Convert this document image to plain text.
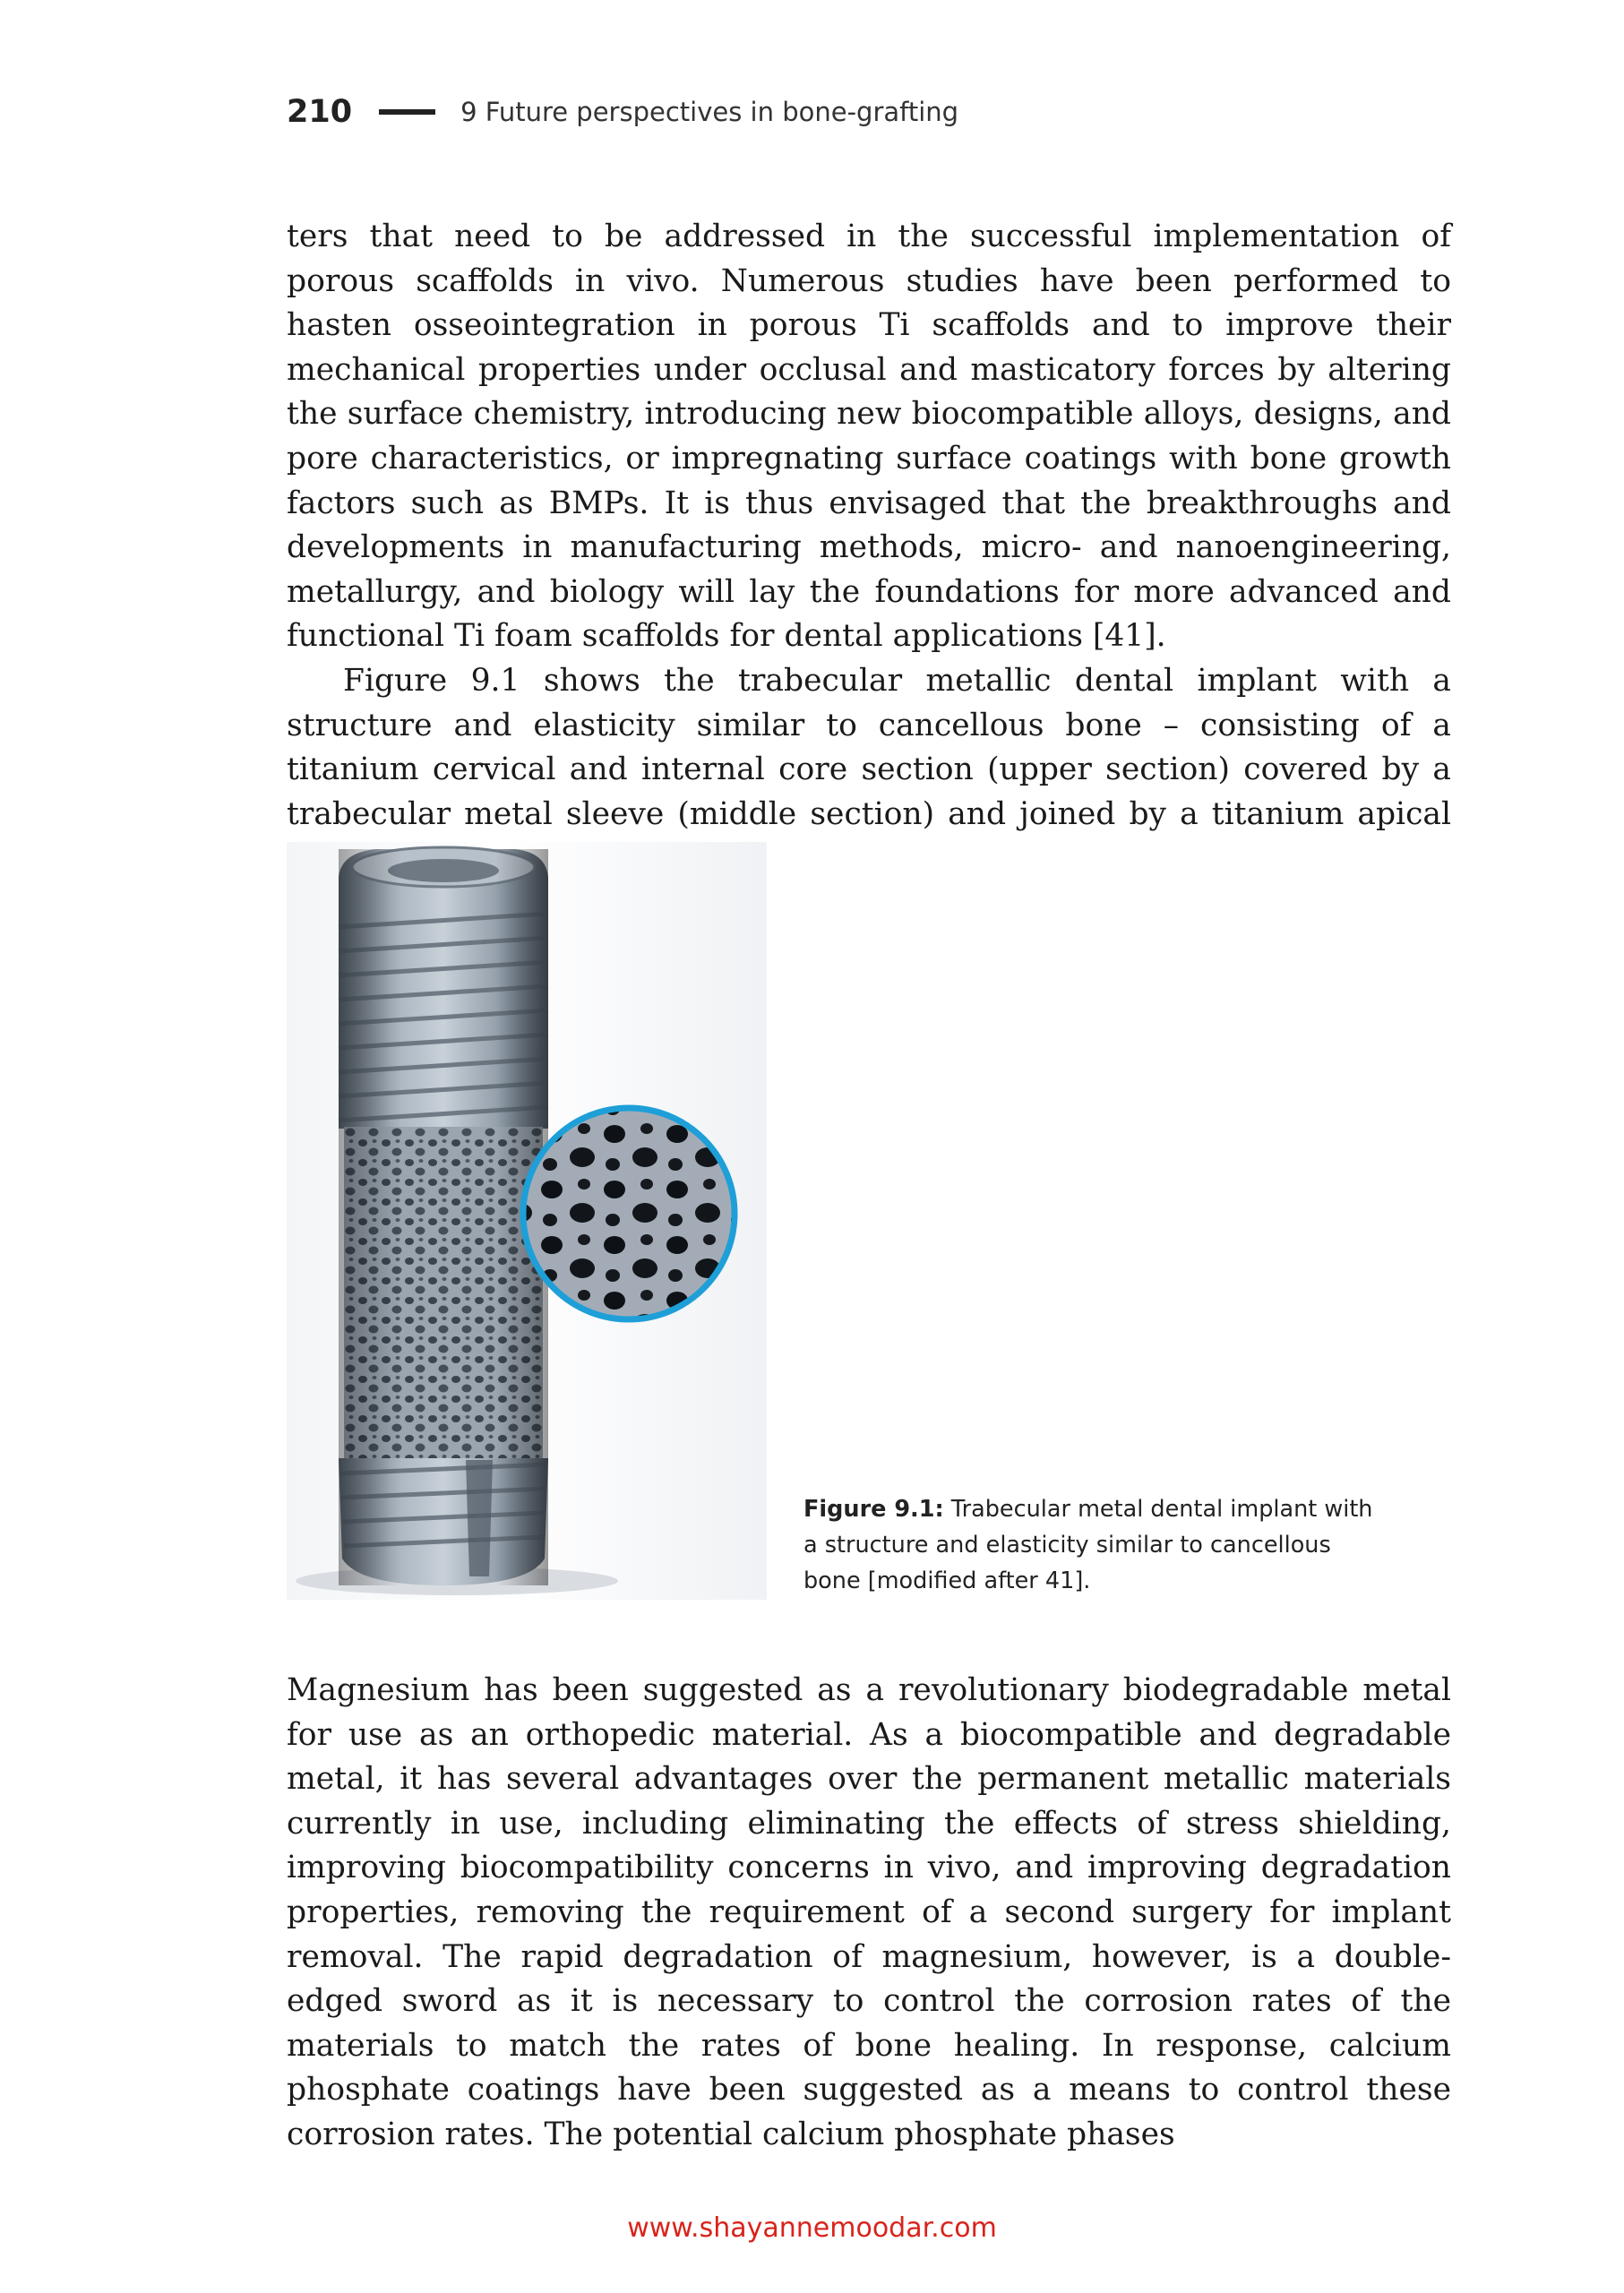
210	9 Future perspectives in bone-grafting

ters that need to be addressed in the successful implementation of porous scaffolds in vivo. Numerous studies have been performed to hasten osseointegration in porous Ti scaffolds and to improve their mechanical properties under occlusal and masticatory forces by altering the surface chemistry, introducing new biocompatible alloys, designs, and pore characteristics, or impregnating surface coatings with bone growth factors such as BMPs. It is thus envisaged that the breakthroughs and developments in manufacturing methods, micro- and nanoengineering, metallurgy, and biology will lay the foundations for more advanced and functional Ti foam scaffolds for dental applications [41].

Figure 9.1 shows the trabecular metallic dental implant with a structure and elasticity similar to cancellous bone – consisting of a titanium cervical and internal core section (upper section) covered by a trabecular metal sleeve (middle section) and joined by a titanium apical

Figure 9.1: Trabecular metal dental implant with a structure and elasticity similar to cancellous bone [modified after 41].

Magnesium has been suggested as a revolutionary biodegradable metal for use as an orthopedic material. As a biocompatible and degradable metal, it has several advantages over the permanent metallic materials currently in use, including eliminating the effects of stress shielding, improving biocompatibility concerns in vivo, and improving degradation properties, removing the requirement of a second surgery for implant removal. The rapid degradation of magnesium, however, is a double-edged sword as it is necessary to control the corrosion rates of the materials to match the rates of bone healing. In response, calcium phosphate coatings have been suggested as a means to control these corrosion rates. The potential calcium phosphate phases

www.shayannemoodar.com
